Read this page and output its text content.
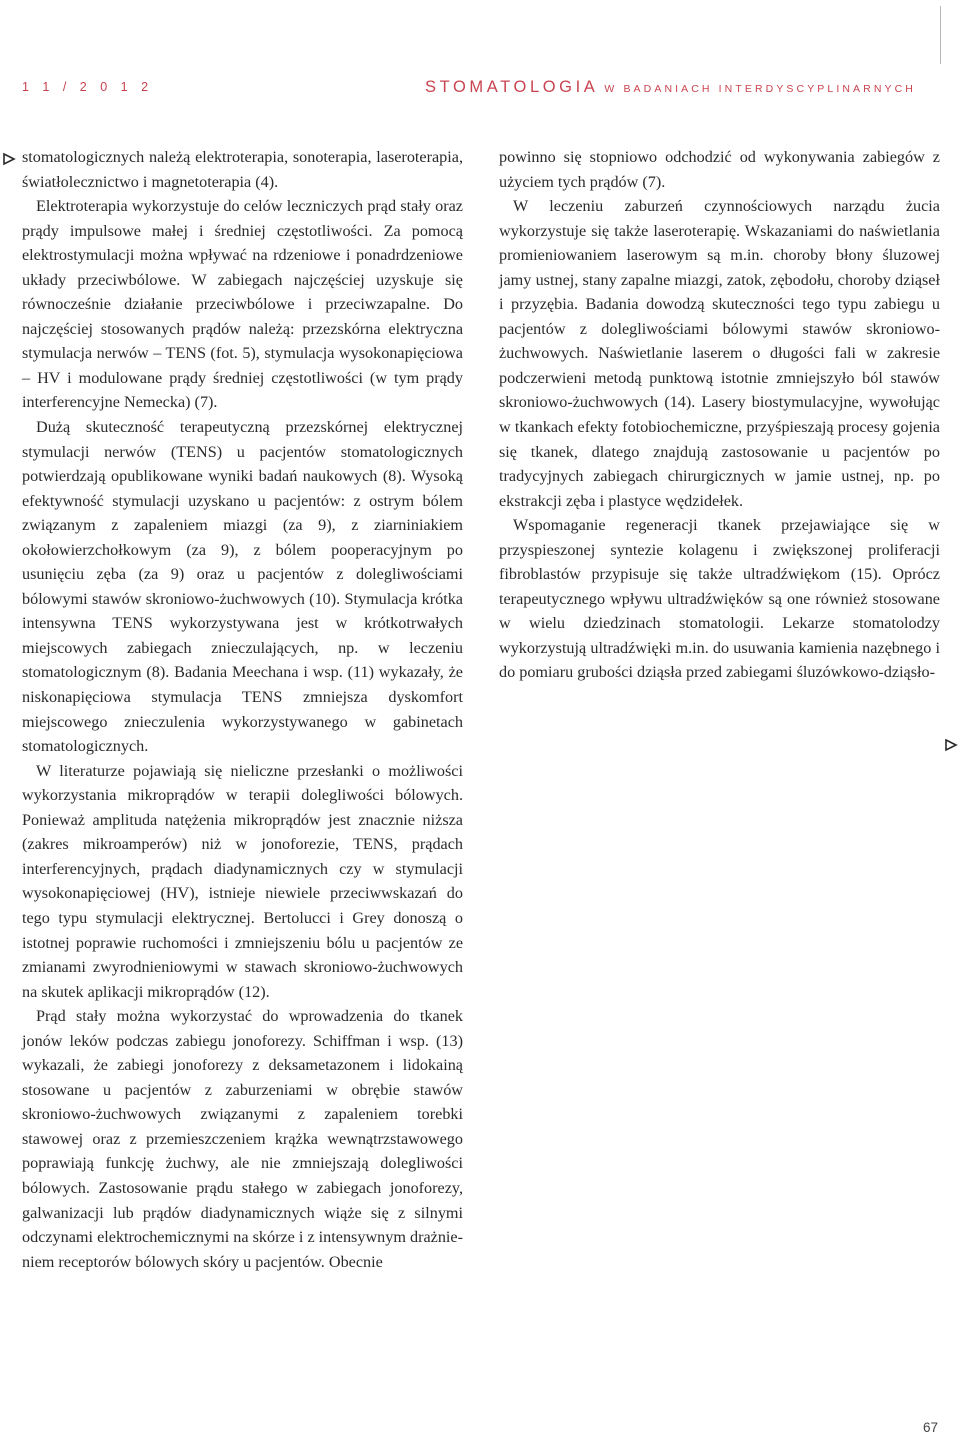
1 1 / 2 0 1 2	STOMATOLOGIA W BADANIACH INTERDYSCYPLINARNYCH

stomatologicznych należą elektroterapia, sonoterapia, laseroterapia, światłolecznictwo i magnetoterapia (4).

Elektroterapia wykorzystuje do celów leczniczych prąd stały oraz prądy impulsowe małej i średniej częstotliwości. Za pomocą elektrostymulacji można wpływać na rdzeniowe i ponadrdzeniowe układy przeciwbólowe. W zabiegach najczęściej uzyskuje się równocześnie działanie przeciwbólowe i przeciwzapalne. Do najczęściej stosowanych prądów należą: przezskórna elektryczna stymulacja nerwów – TENS (fot. 5), stymulacja wysokonapięciowa – HV i modulowane prądy średniej częstotliwości (w tym prądy interferencyjne Nemecka) (7).

Dużą skuteczność terapeutyczną przezskórnej elektrycznej stymulacji nerwów (TENS) u pacjentów stomatologicznych potwierdzają opublikowane wyniki badań naukowych (8). Wysoką efektywność stymulacji uzyskano u pacjentów: z ostrym bólem związanym z zapaleniem miazgi (za 9), z ziarniniakiem okołowierzchołkowym (za 9), z bólem pooperacyjnym po usunięciu zęba (za 9) oraz u pacjentów z dolegliwościami bólowymi stawów skroniowo-żuchwowych (10). Stymulacja krótka intensywna TENS wykorzystywana jest w krótkotrwałych miejscowych zabiegach znieczulających, np. w leczeniu stomatologicznym (8). Badania Meechana i wsp. (11) wykazały, że niskonapięciowa stymulacja TENS zmniejsza dyskomfort miejscowego znieczulenia wykorzystywanego w gabinetach stomatologicznych.

W literaturze pojawiają się nieliczne przesłanki o możliwości wykorzystania mikroprądów w terapii dolegliwości bólowych. Ponieważ amplituda natężenia mikroprądów jest znacznie niższa (zakres mikroamperów) niż w jonoforezie, TENS, prądach interferencyjnych, prądach diadynamicznych czy w stymulacji wysokonapięciowej (HV), istnieje niewiele przeciwwskazań do tego typu stymulacji elektrycznej. Bertolucci i Grey donoszą o istotnej poprawie ruchomości i zmniejszeniu bólu u pacjentów ze zmianami zwyrodnieniowymi w stawach skroniowo-żuchwowych na skutek aplikacji mikroprądów (12).

Prąd stały można wykorzystać do wprowadzenia do tkanek jonów leków podczas zabiegu jonoforezy. Schiffman i wsp. (13) wykazali, że zabiegi jonoforezy z deksametazonem i lidokainą stosowane u pacjentów z zaburzeniami w obrębie stawów skroniowo-żuchwowych związanymi z zapaleniem torebki stawowej oraz z przemieszczeniem krążka wewnątrzstawowego poprawiają funkcję żuchwy, ale nie zmniejszają dolegliwości bólowych. Zastosowanie prądu stałego w zabiegach jonoforezy, galwanizacji lub prądów diadynamicznych wiąże się z silnymi odczynami elektrochemicznymi na skórze i z intensywnym drażnieniem receptorów bólowych skóry u pacjentów. Obecnie

powinno się stopniowo odchodzić od wykonywania zabiegów z użyciem tych prądów (7).

W leczeniu zaburzeń czynnościowych narządu żucia wykorzystuje się także laseroterapię. Wskazaniami do naświetlania promieniowaniem laserowym są m.in. choroby błony śluzowej jamy ustnej, stany zapalne miazgi, zatok, zębodołu, choroby dziąseł i przyzębia. Badania dowodzą skuteczności tego typu zabiegu u pacjentów z dolegliwościami bólowymi stawów skroniowo-żuchwowych. Naświetlanie laserem o długości fali w zakresie podczerwieni metodą punktową istotnie zmniejszyło ból stawów skroniowo-żuchwowych (14). Lasery biostymulacyjne, wywołując w tkankach efekty fotobiochemiczne, przyśpieszają procesy gojenia się tkanek, dlatego znajdują zastosowanie u pacjentów po tradycyjnych zabiegach chirurgicznych w jamie ustnej, np. po ekstrakcji zęba i plastyce wędzidełek.

Wspomaganie regeneracji tkanek przejawiające się w przyspieszonej syntezie kolagenu i zwiększonej proliferacji fibroblastów przypisuje się także ultradźwiękom (15). Oprócz terapeutycznego wpływu ultradźwięków są one również stosowane w wielu dziedzinach stomatologii. Lekarze stomatolodzy wykorzystują ultradźwięki m.in. do usuwania kamienia nazębnego i do pomiaru grubości dziąsła przed zabiegami śluzówkowo-dziąsło-

67
